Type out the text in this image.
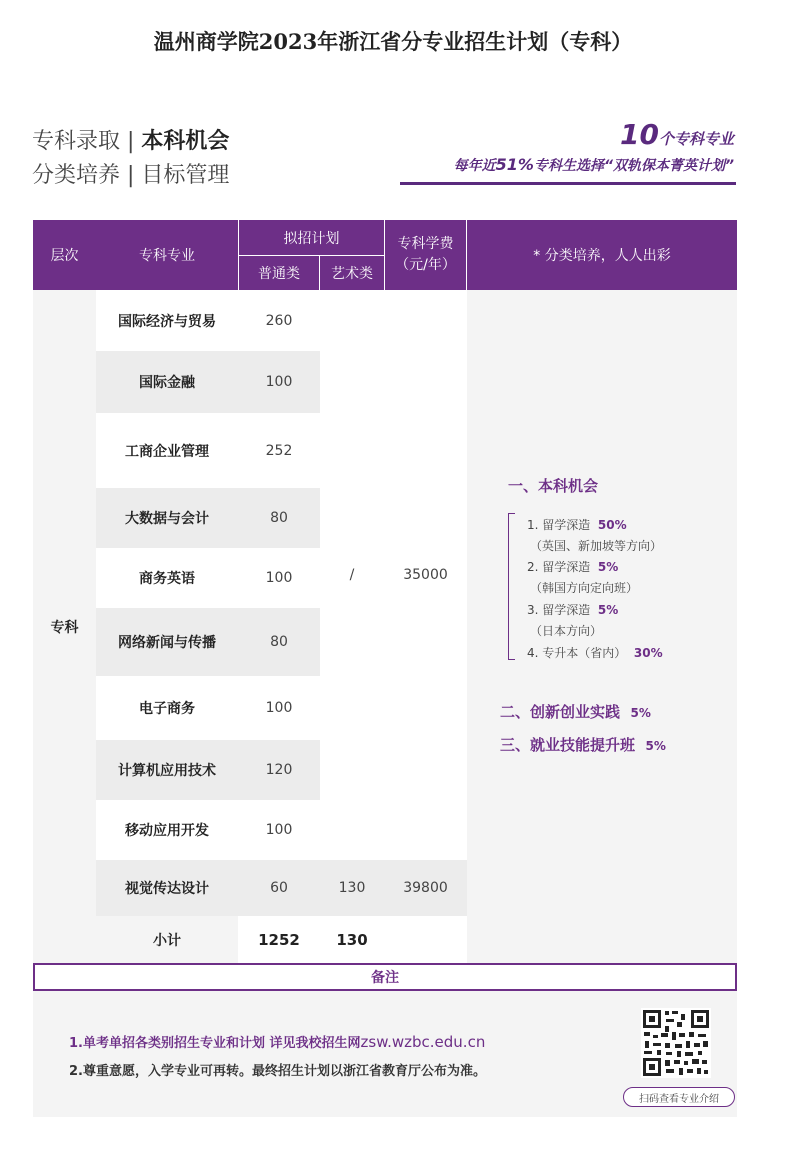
温州商学院2023年浙江省分专业招生计划（专科）
专科录取 | 本科机会
分类培养 | 目标管理
10个专科专业
每年近51%专科生选择“双轨保本菁英计划”
层次	专科专业
拟招计划
普通类	艺术类
专科学费
（元/年）
* 分类培养，人人出彩
专科
/	35000
国际经济与贸易	260
国际金融	100
工商企业管理	252
大数据与会计	80
商务英语	100
网络新闻与传播	80
电子商务	100
计算机应用技术	120
移动应用开发	100
视觉传达设计	60	130	39800
小计	1252	130
一、本科机会
1. 留学深造 50%
（英国、新加坡等方向）
2. 留学深造 5%
（韩国方向定向班）
3. 留学深造 5%
（日本方向）
4. 专升本（省内） 30%
二、创新创业实践 5%
三、就业技能提升班 5%
备注
1.单考单招各类别招生专业和计划 详见我校招生网zsw.wzbc.edu.cn
2.尊重意愿，入学专业可再转。最终招生计划以浙江省教育厅公布为准。
扫码查看专业介绍
